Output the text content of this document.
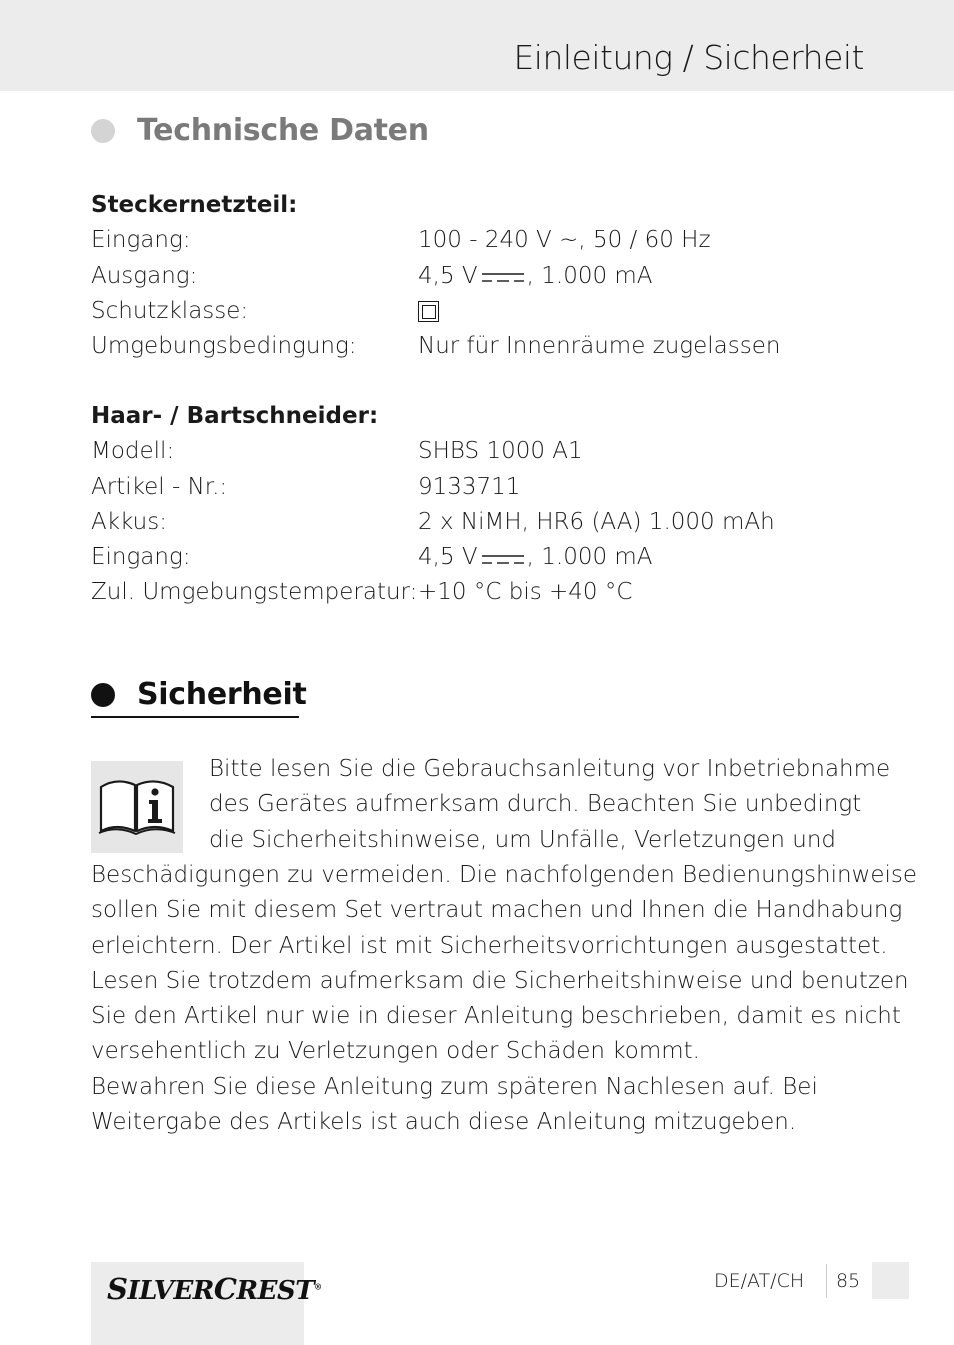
Einleitung / Sicherheit
Technische Daten
Steckernetzteil:
Eingang:	100 - 240 V ~, 50 / 60 Hz
Ausgang:	4,5 V , 1.000 mA
Schutzklasse:
Umgebungsbedingung:	Nur für Innenräume zugelassen
Haar- / Bartschneider:
Modell:	SHBS 1000 A1
Artikel - Nr.:	9133711
Akkus:	2 x NiMH, HR6 (AA) 1.000 mAh
Eingang:	4,5 V , 1.000 mA
Zul. Umgebungstemperatur: +10 °C bis +40 °C
Sicherheit
Bitte lesen Sie die Gebrauchsanleitung vor Inbetriebnahme
des Gerätes aufmerksam durch. Beachten Sie unbedingt
die Sicherheitshinweise, um Unfälle, Verletzungen und
Beschädigungen zu vermeiden. Die nachfolgenden Bedienungshinweise
sollen Sie mit diesem Set vertraut machen und Ihnen die Handhabung
erleichtern. Der Artikel ist mit Sicherheitsvorrichtungen ausgestattet.
Lesen Sie trotzdem aufmerksam die Sicherheitshinweise und benutzen
Sie den Artikel nur wie in dieser Anleitung beschrieben, damit es nicht
versehentlich zu Verletzungen oder Schäden kommt.
Bewahren Sie diese Anleitung zum späteren Nachlesen auf. Bei
Weitergabe des Artikels ist auch diese Anleitung mitzugeben.
SILVERCREST®	DE/AT/CH 85
